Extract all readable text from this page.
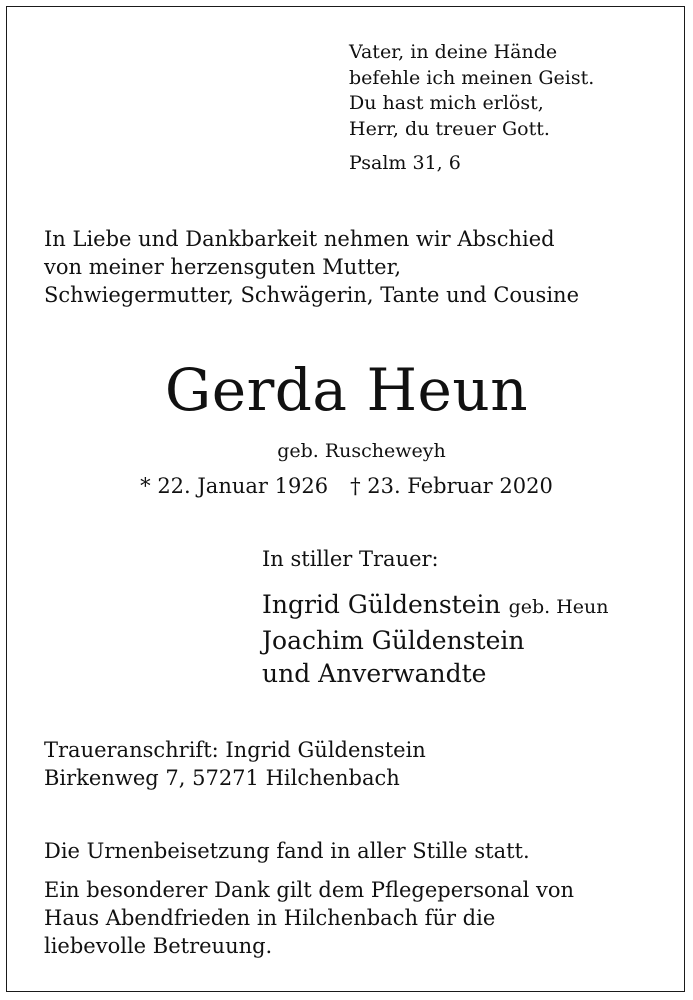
Vater, in deine Hände
befehle ich meinen Geist.
Du hast mich erlöst,
Herr, du treuer Gott.
Psalm 31, 6
In Liebe und Dankbarkeit nehmen wir Abschied
von meiner herzensguten Mutter,
Schwiegermutter, Schwägerin, Tante und Cousine
Gerda Heun
geb. Ruscheweyh
* 22. Januar 1926 † 23. Februar 2020
In stiller Trauer:
Ingrid Güldenstein geb. Heun
Joachim Güldenstein
und Anverwandte
Traueranschrift: Ingrid Güldenstein
Birkenweg 7, 57271 Hilchenbach
Die Urnenbeisetzung fand in aller Stille statt.
Ein besonderer Dank gilt dem Pflegepersonal von
Haus Abendfrieden in Hilchenbach für die
liebevolle Betreuung.
